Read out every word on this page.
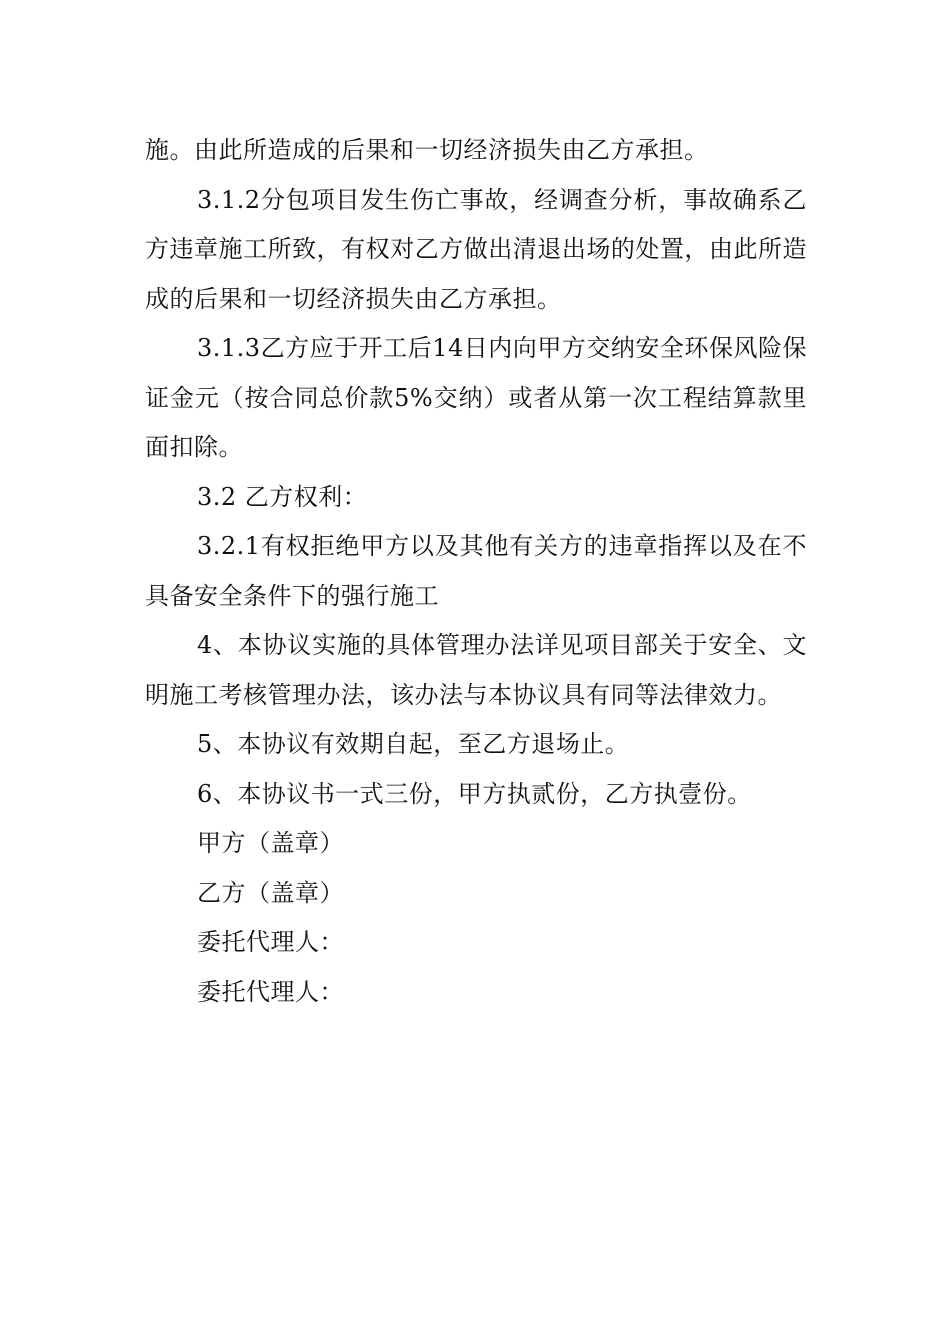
施。由此所造成的后果和一切经济损失由乙方承担。

3.1.2分包项目发生伤亡事故，经调查分析，事故确系乙方违章施工所致，有权对乙方做出清退出场的处置，由此所造成的后果和一切经济损失由乙方承担。

3.1.3乙方应于开工后14日内向甲方交纳安全环保风险保证金元（按合同总价款5%交纳）或者从第一次工程结算款里面扣除。

3.2 乙方权利：

3.2.1有权拒绝甲方以及其他有关方的违章指挥以及在不具备安全条件下的强行施工

4、本协议实施的具体管理办法详见项目部关于安全、文明施工考核管理办法，该办法与本协议具有同等法律效力。

5、本协议有效期自起，至乙方退场止。

6、本协议书一式三份，甲方执贰份，乙方执壹份。

甲方（盖章）

乙方（盖章）

委托代理人：

委托代理人：
